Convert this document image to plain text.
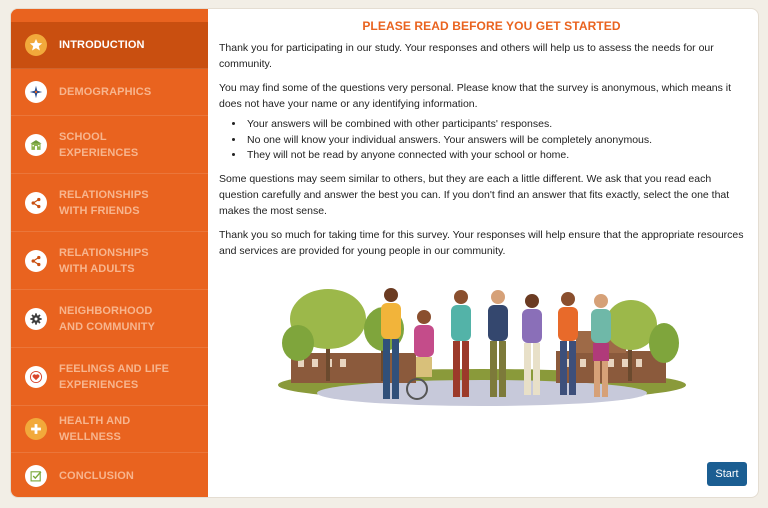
INTRODUCTION
DEMOGRAPHICS
SCHOOL EXPERIENCES
RELATIONSHIPS WITH FRIENDS
RELATIONSHIPS WITH ADULTS
NEIGHBORHOOD AND COMMUNITY
FEELINGS AND LIFE EXPERIENCES
HEALTH AND WELLNESS
CONCLUSION
PLEASE READ BEFORE YOU GET STARTED

Thank you for participating in our study. Your responses and others will help us to assess the needs for our community.

You may find some of the questions very personal. Please know that the survey is anonymous, which means it does not have your name or any identifying information.

• Your answers will be combined with other participants' responses.
• No one will know your individual answers. Your answers will be completely anonymous.
• They will not be read by anyone connected with your school or home.

Some questions may seem similar to others, but they are each a little different. We ask that you read each question carefully and answer the best you can. If you don't find an answer that fits exactly, select the one that makes the most sense.

Thank you so much for taking time for this survey. Your responses will help ensure that the appropriate resources and services are provided for young people in our community.

Start
